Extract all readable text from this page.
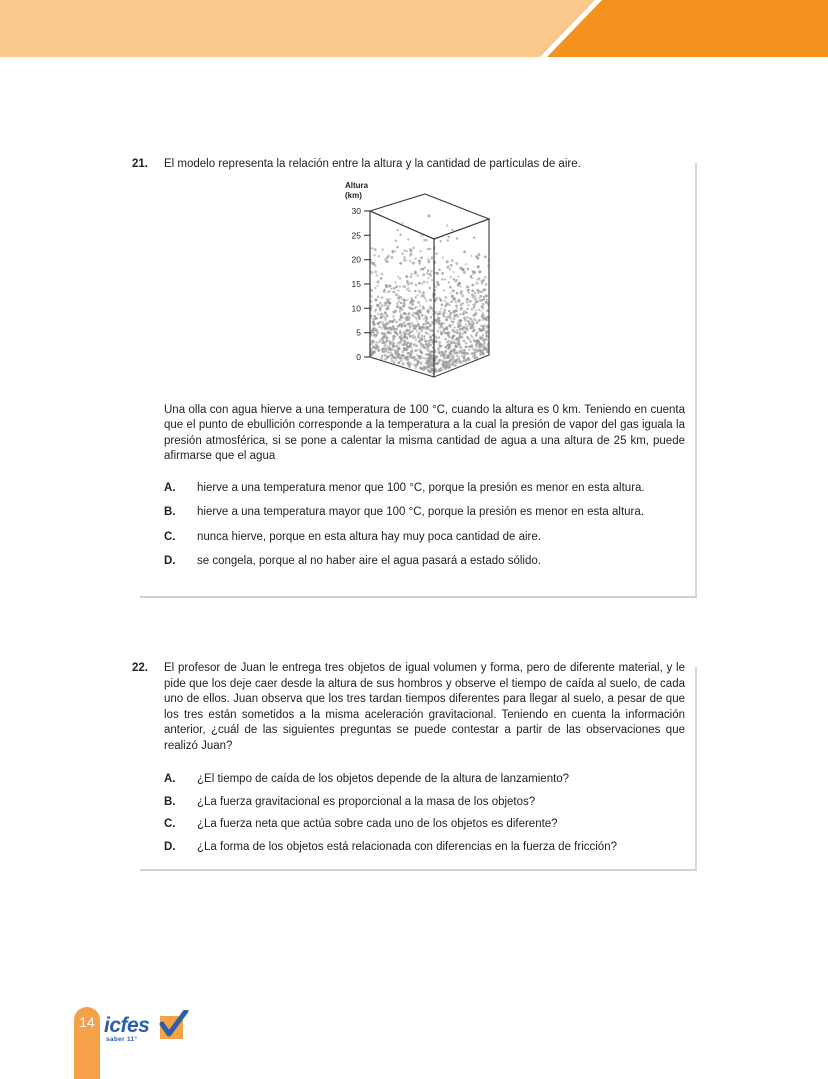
21.	El modelo representa la relación entre la altura y la cantidad de partículas de aire.
Altura
(km)
30
25
20
15
10
5
0
Una olla con agua hierve a una temperatura de 100 °C, cuando la altura es 0 km. Teniendo en cuenta que el punto de ebullición corresponde a la temperatura a la cual la presión de vapor del gas iguala la presión atmosférica, si se pone a calentar la misma cantidad de agua a una altura de 25 km, puede afirmarse que el agua
A.	hierve a una temperatura menor que 100 °C, porque la presión es menor en esta altura.
B.	hierve a una temperatura mayor que 100 °C, porque la presión es menor en esta altura.
C.	nunca hierve, porque en esta altura hay muy poca cantidad de aire.
D.	se congela, porque al no haber aire el agua pasará a estado sólido.
22.	El profesor de Juan le entrega tres objetos de igual volumen y forma, pero de diferente material, y le pide que los deje caer desde la altura de sus hombros y observe el tiempo de caída al suelo, de cada uno de ellos. Juan observa que los tres tardan tiempos diferentes para llegar al suelo, a pesar de que los tres están sometidos a la misma aceleración gravitacional. Teniendo en cuenta la información anterior, ¿cuál de las siguientes preguntas se puede contestar a partir de las observaciones que realizó Juan?
A.	¿El tiempo de caída de los objetos depende de la altura de lanzamiento?
B.	¿La fuerza gravitacional es proporcional a la masa de los objetos?
C.	¿La fuerza neta que actúa sobre cada uno de los objetos es diferente?
D.	¿La forma de los objetos está relacionada con diferencias en la fuerza de fricción?
14 icfes
saber 11°
